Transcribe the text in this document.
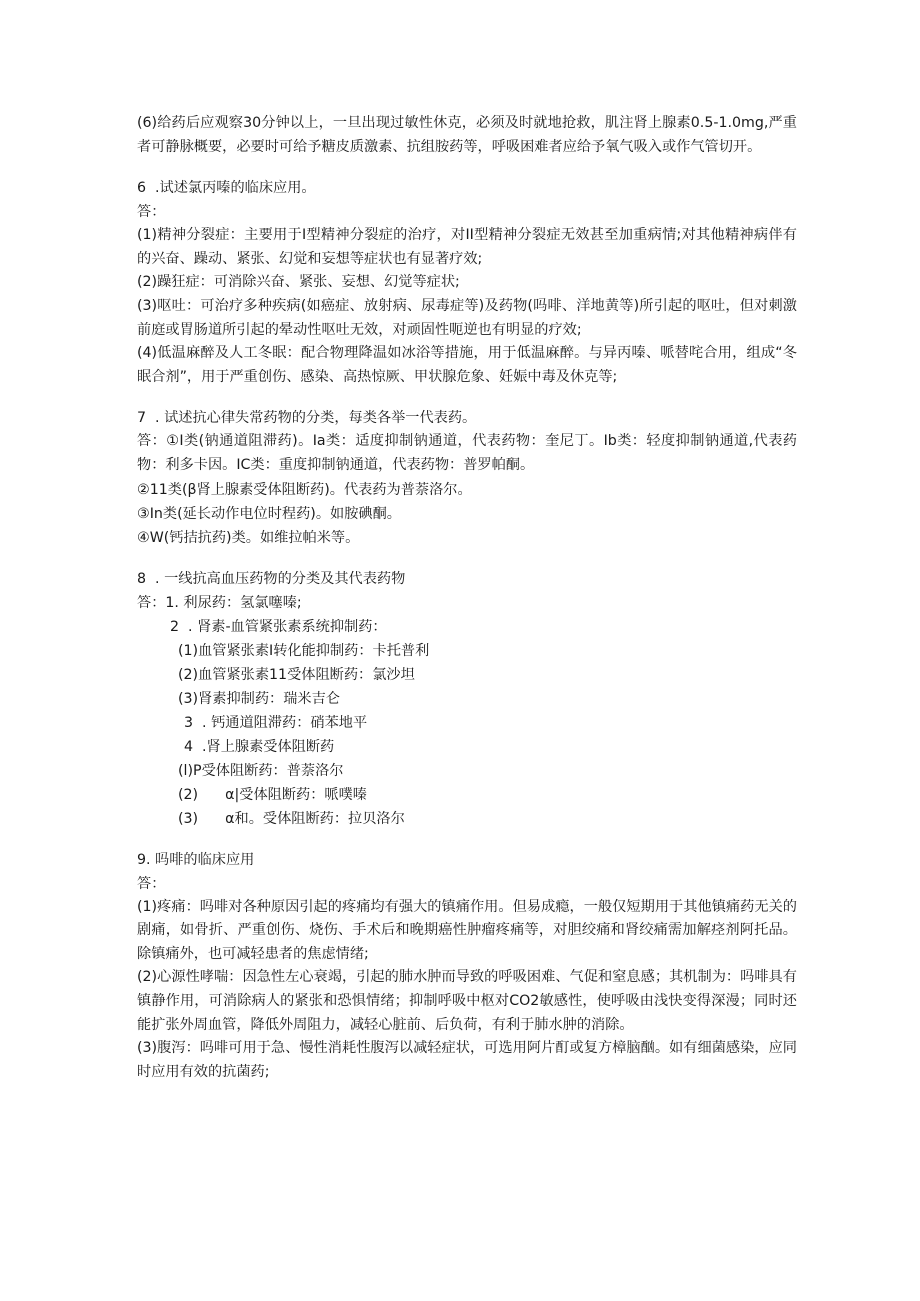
(6)给药后应观察30分钟以上，一旦出现过敏性休克，必须及时就地抢救，肌注肾上腺素0.5-1.0mg,严重者可静脉概要，必要时可给予糖皮质激素、抗组胺药等，呼吸困难者应给予氧气吸入或作气管切开。

6  .试述氯丙嗪的临床应用。

答：

(1)精神分裂症：主要用于I型精神分裂症的治疗，对II型精神分裂症无效甚至加重病情;对其他精神病伴有的兴奋、躁动、紧张、幻觉和妄想等症状也有显著疗效;

(2)躁狂症：可消除兴奋、紧张、妄想、幻觉等症状;

(3)呕吐：可治疗多种疾病(如癌症、放射病、尿毒症等)及药物(吗啡、洋地黄等)所引起的呕吐，但对刺激前庭或胃肠道所引起的晕动性呕吐无效，对顽固性呃逆也有明显的疗效;

(4)低温麻醉及人工冬眠：配合物理降温如冰浴等措施，用于低温麻醉。与异丙嗪、哌替咤合用，组成“冬眠合剂”，用于严重创伤、感染、高热惊厥、甲状腺危象、妊娠中毒及休克等;

7  . 试述抗心律失常药物的分类，每类各举一代表药。

答：①I类(钠通道阻滞药)。Ia类：适度抑制钠通道，代表药物：奎尼丁。Ib类：轻度抑制钠通道,代表药物：利多卡因。IC类：重度抑制钠通道，代表药物：普罗帕酮。

②11类(β肾上腺素受体阻断药)。代表药为普萘洛尔。

③In类(延长动作电位时程药)。如胺碘酮。

④W(钙拮抗药)类。如维拉帕米等。

8  . 一线抗高血压药物的分类及其代表药物

答：1. 利尿药：氢氯噻嗪;

2  . 肾素-血管紧张素系统抑制药：

(1)血管紧张素I转化能抑制药：卡托普利

(2)血管紧张素11受体阻断药：氯沙坦

(3)肾素抑制药：瑞米吉仑

3  . 钙通道阻滞药：硝苯地平

4  .肾上腺素受体阻断药

(l)P受体阻断药：普萘洛尔

(2)      α|受体阻断药：哌噗嗪

(3)      α和。受体阻断药：拉贝洛尔

9. 吗啡的临床应用

答：

(1)疼痛：吗啡对各种原因引起的疼痛均有强大的镇痛作用。但易成瘾，一般仅短期用于其他镇痛药无关的剧痛，如骨折、严重创伤、烧伤、手术后和晚期癌性肿瘤疼痛等，对胆绞痛和肾绞痛需加解痉剂阿托品。除镇痛外，也可减轻患者的焦虑情绪;

(2)心源性哮喘：因急性左心衰竭，引起的肺水肿而导致的呼吸困难、气促和窒息感；其机制为：吗啡具有镇静作用，可消除病人的紧张和恐惧情绪；抑制呼吸中枢对CO2敏感性，使呼吸由浅快变得深漫；同时还能扩张外周血管，降低外周阻力，减轻心脏前、后负荷，有利于肺水肿的消除。

(3)腹泻：吗啡可用于急、慢性消耗性腹泻以减轻症状，可选用阿片酊或复方樟脑酗。如有细菌感染，应同时应用有效的抗菌药;
